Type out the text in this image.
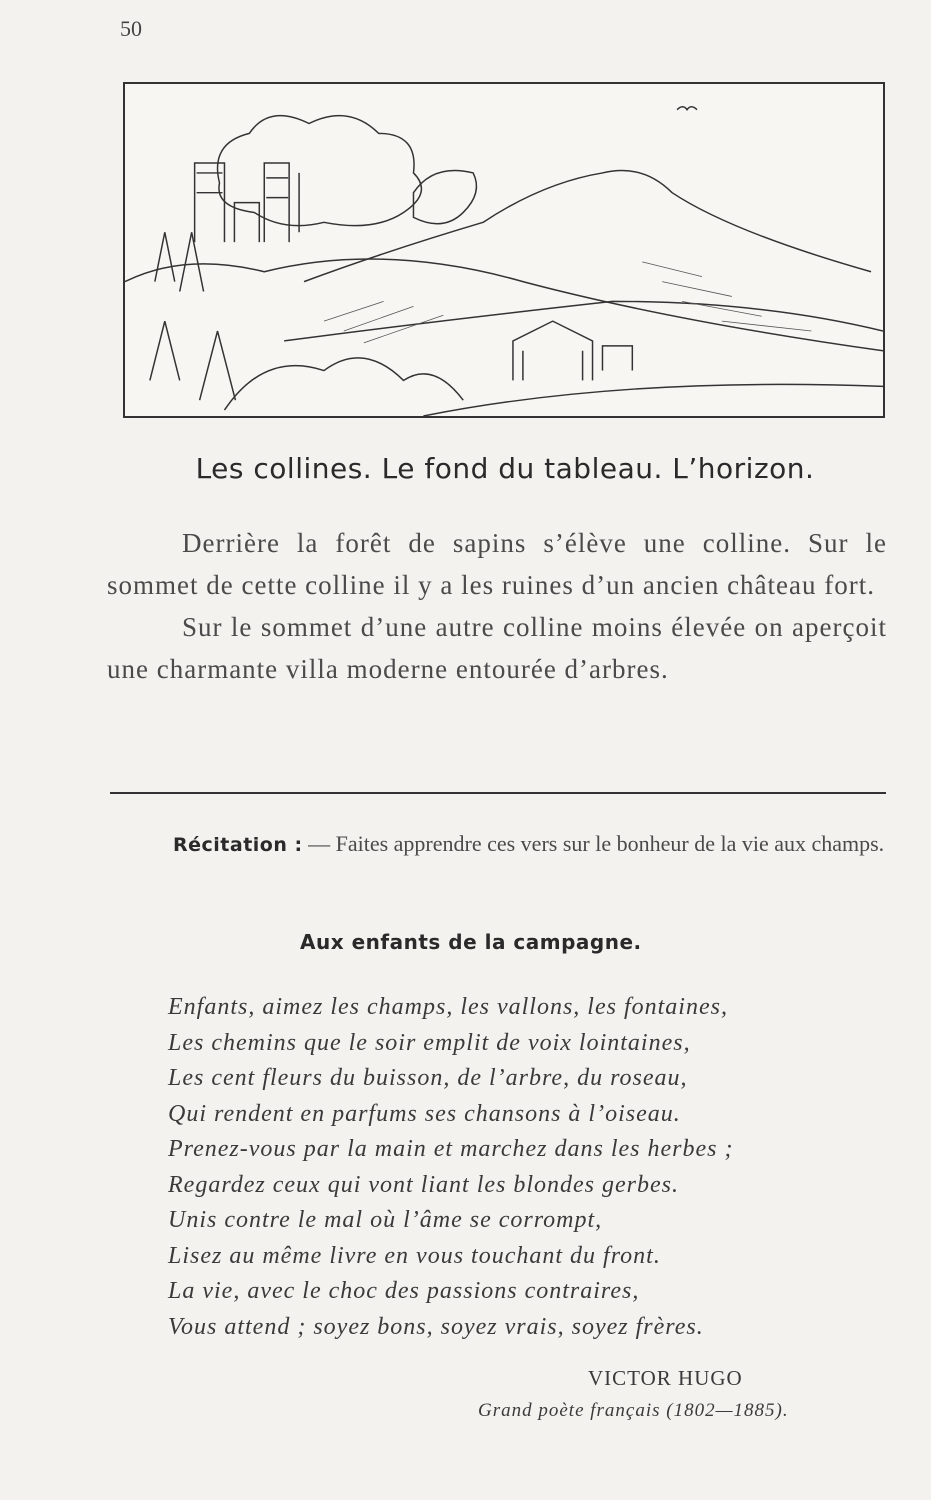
50
Les collines. Le fond du tableau. L’horizon.

Derrière la forêt de sapins s’élève une colline. Sur le sommet de cette colline il y a les ruines d’un ancien château fort.

Sur le sommet d’une autre colline moins élevée on aperçoit une charmante villa moderne entourée d’arbres.

Récitation : — Faites apprendre ces vers sur le bonheur de la vie aux champs.
Aux enfants de la campagne.
Enfants, aimez les champs, les vallons, les fontaines,
Les chemins que le soir emplit de voix lointaines,
Les cent fleurs du buisson, de l’arbre, du roseau,
Qui rendent en parfums ses chansons à l’oiseau.
Prenez-vous par la main et marchez dans les herbes ;
Regardez ceux qui vont liant les blondes gerbes.
Unis contre le mal où l’âme se corrompt,
Lisez au même livre en vous touchant du front.
La vie, avec le choc des passions contraires,
Vous attend ; soyez bons, soyez vrais, soyez frères.
VICTOR HUGO
Grand poète français (1802—1885).
